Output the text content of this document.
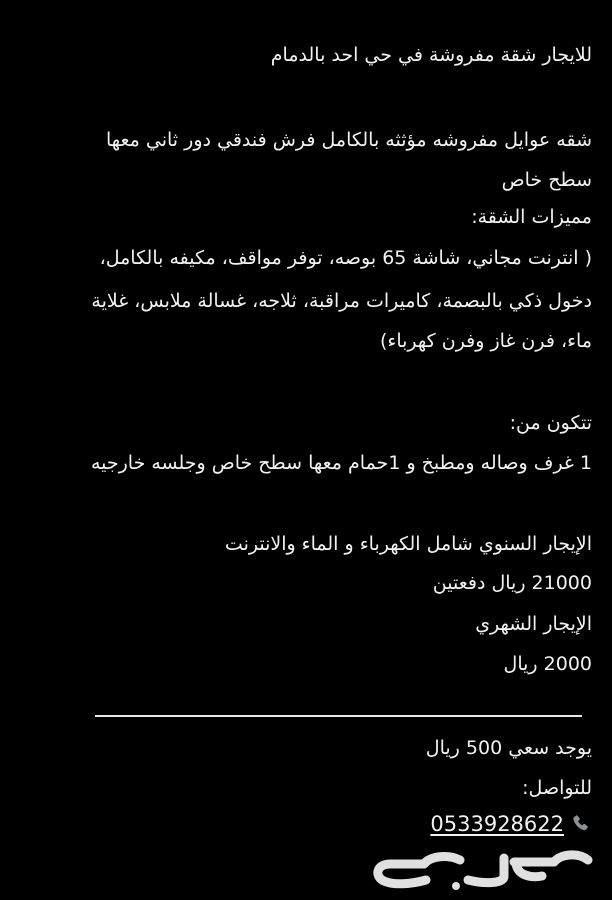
للايجار شقة مفروشة في حي احد بالدمام
شقه عوايل مفروشه مؤثثه بالكامل فرش فندقي دور ثاني معها
سطح خاص
مميزات الشقة:
( انترنت مجاني، شاشة 65 بوصه، توفر مواقف، مكيفه بالكامل،
دخول ذكي بالبصمة، كاميرات مراقبة، ثلاجه، غسالة ملابس، غلاية
ماء، فرن غاز وفرن كهرباء)
تتكون من:
1 غرف وصاله ومطبخ و 1حمام معها سطح خاص وجلسه خارجيه
الإيجار السنوي شامل الكهرباء و الماء والانترنت
21000 ريال دفعتين
الإيجار الشهري
2000 ريال
يوجد سعي 500 ريال
للتواصل:
0533928622
